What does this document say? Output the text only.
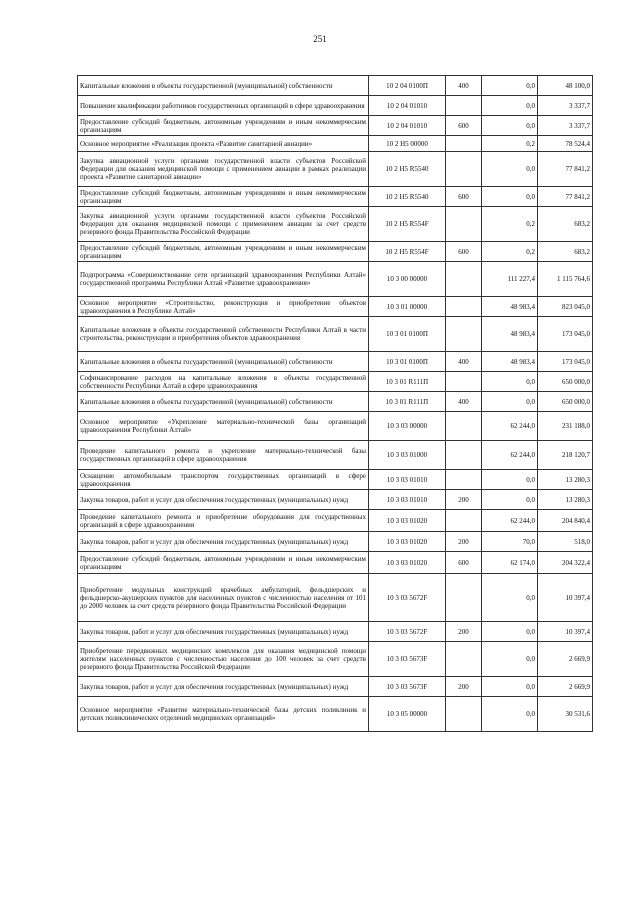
251
Капитальные вложения в объекты государственной (муниципальной) собственности	10 2 04 0100П	400	0,0	48 100,0
Повышение квалификации работников государственных организаций в сфере здравоохранения	10 2 04 01010		0,0	3 337,7
Предоставление субсидий бюджетным, автономным учреждениям и иным некоммерческим организациям	10 2 04 01010	600	0,0	3 337,7
Основное мероприятие «Реализация проекта «Развитие санитарной авиации»	10 2 Н5 00000		0,2	78 524,4
Закупка авиационной услуги органами государственной власти субъектов Российской Федерации для оказания медицинской помощи с применением авиации в рамках реализации проекта «Развитие санитарной авиации»	10 2 Н5 R5540		0,0	77 841,2
Предоставление субсидий бюджетным, автономным учреждениям и иным некоммерческим организациям	10 2 Н5 R5540	600	0,0	77 841,2
Закупка авиационной услуги органами государственной власти субъектов Российской Федерации для оказания медицинской помощи с применением авиации за счет средств резервного фонда Правительства Российской Федерации	10 2 Н5 R554F		0,2	683,2
Предоставление субсидий бюджетным, автономным учреждениям и иным некоммерческим организациям	10 2 Н5 R554F	600	0,2	683,2
Подпрограмма «Совершенствование сети организаций здравоохранения Республики Алтай» государственной программы Республики Алтай «Развитие здравоохранения»	10 3 00 00000		111 227,4	1 115 764,6
Основное мероприятие «Строительство, реконструкция и приобретение объектов здравоохранения в Республике Алтай»	10 3 01 00000		48 983,4	823 045,0
Капитальные вложения в объекты государственной собственности Республики Алтай в части строительства, реконструкции и приобретения объектов здравоохранения	10 3 01 0100П		48 983,4	173 045,0
Капитальные вложения в объекты государственной (муниципальной) собственности	10 3 01 0100П	400	48 983,4	173 045,0
Софинансирование расходов на капитальные вложения в объекты государственной собственности Республики Алтай в сфере здравоохранения	10 3 01 R111П		0,0	650 000,0
Капитальные вложения в объекты государственной (муниципальной) собственности	10 3 01 R111П	400	0,0	650 000,0
Основное мероприятие «Укрепление материально-технической базы организаций здравоохранения Республики Алтай»	10 3 03 00000		62 244,0	231 188,0
Проведение капитального ремонта и укрепление материально-технической базы государственных организаций в сфере здравоохранения	10 3 03 01000		62 244,0	218 120,7
Оснащение автомобильным транспортом государственных организаций в сфере здравоохранения	10 3 03 01010		0,0	13 280,3
Закупка товаров, работ и услуг для обеспечения государственных (муниципальных) нужд	10 3 03 01010	200	0,0	13 280,3
Проведение капитального ремонта и приобретение оборудования для государственных организаций в сфере здравоохранения	10 3 03 01020		62 244,0	204 840,4
Закупка товаров, работ и услуг для обеспечения государственных (муниципальных) нужд	10 3 03 01020	200	70,0	518,0
Предоставление субсидий бюджетным, автономным учреждениям и иным некоммерческим организациям	10 3 03 01020	600	62 174,0	204 322,4
Приобретение модульных конструкций врачебных амбулаторий, фельдшерских и фельдшерско-акушерских пунктов для населенных пунктов с численностью населения от 101 до 2000 человек за счет средств резервного фонда Правительства Российской Федерации	10 3 03 5672F		0,0	10 397,4
Закупка товаров, работ и услуг для обеспечения государственных (муниципальных) нужд	10 3 03 5672F	200	0,0	10 397,4
Приобретение передвижных медицинских комплексов для оказания медицинской помощи жителям населенных пунктов с численностью населения до 100 человек за счет средств резервного фонда Правительства Российской Федерации	10 3 03 5673F		0,0	2 669,9
Закупка товаров, работ и услуг для обеспечения государственных (муниципальных) нужд	10 3 03 5673F	200	0,0	2 669,9
Основное мероприятие «Развитие материально-технической базы детских поликлиник и детских поликлинических отделений медицинских организаций»	10 3 05 00000		0,0	30 531,6
